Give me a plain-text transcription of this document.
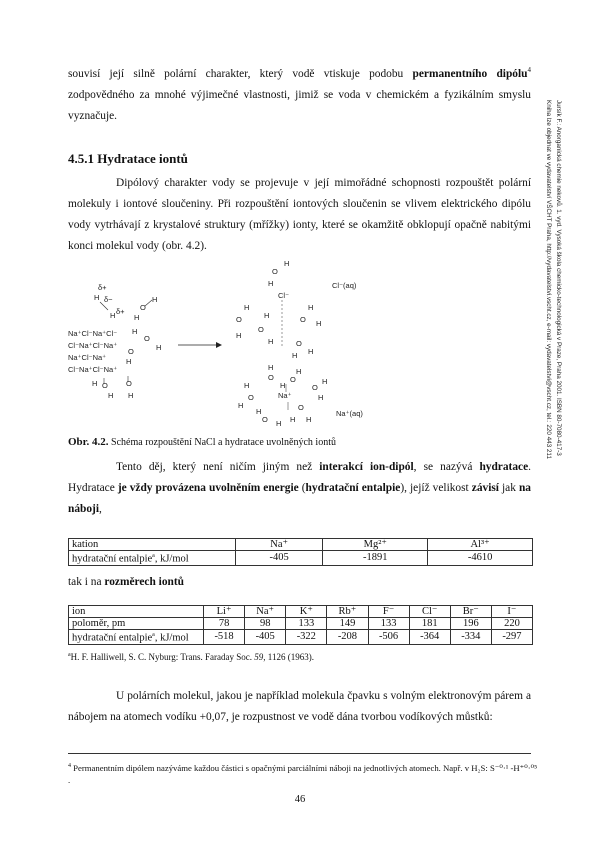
Jursík F.: Anorganická chemie nekovů. 1. vyd. Vysoká škola chemicko-technologická v Praze, Praha 2001. ISBN 80-7080-417-3
Kniha lze objednat ve vydavatelství VŠCHT Praha, http://vydavatelstvi.vscht.cz, e-mail: vydavatelstvi@vscht.cz, tel.: 220 443 211
souvisí její silně polární charakter, který vodě vtiskuje podobu permanentního dipólu$^4$ zodpovědného za mnohé výjimečné vlastnosti, jimiž se voda v chemickém a fyzikálním smyslu vyznačuje.
4.5.1 Hydratace iontů
Dipólový charakter vody se projevuje v její mimořádné schopnosti rozpouštět polární molekuly i iontové sloučeniny. Při rozpouštění iontových sloučenin se vlivem elektrického dipólu vody vytrhávají z krystalové struktury (mřížky) ionty, které se okamžitě obklopují opačně nabitými konci molekul vody (obr. 4.2).
δ+
H δ−
H δ+ O
H
H
Na⁺Cl⁻Na⁺Cl⁻
Cl⁻Na⁺Cl⁻Na⁺
Na⁺Cl⁻Na⁺
Cl⁻Na⁺Cl⁻Na⁺
H
O
H
O
H
H O O
H H
H
O
H
Cl⁻
H
O
H
H
O H
H
O
H	O
H
H
Cl⁻(aq)
H
O
H
H
O
H
O
H
Na⁺
O
H
H
H
O H
O
H H
Na⁺(aq)
Obr. 4.2. Schéma rozpouštění NaCl a hydratace uvolněných iontů
Tento děj, který není ničím jiným než interakcí ion-dipól, se nazývá hydratace. Hydratace je vždy provázena uvolněním energie (hydratační entalpie), jejíž velikost závisí jak na náboji,
kation	Na⁺	Mg²⁺	Al³⁺
hydratační entalpie$^a$, kJ/mol	-405	-1891	-4610
tak i na rozměrech iontů
ion	Li⁺	Na⁺	K⁺	Rb⁺	F⁻	Cl⁻	Br⁻	I⁻
poloměr, pm	78	98	133	149	133	181	196	220
hydratační entalpie$^a$, kJ/mol	-518	-405	-322	-208	-506	-364	-334	-297
$^a$H. F. Halliwell, S. C. Nyburg: Trans. Faraday Soc. 59, 1126 (1963).
U polárních molekul, jakou je například molekula čpavku s volným elektronovým párem a nábojem na atomech vodíku +0,07, je rozpustnost ve vodě dána tvorbou vodíkových můstků:
$^4$ Permanentním dipólem nazýváme každou částici s opačnými parciálními náboji na jednotlivých atomech. Např. v H₂S: S⁻⁰·¹ -H⁺⁰·⁰⁵ .
46
